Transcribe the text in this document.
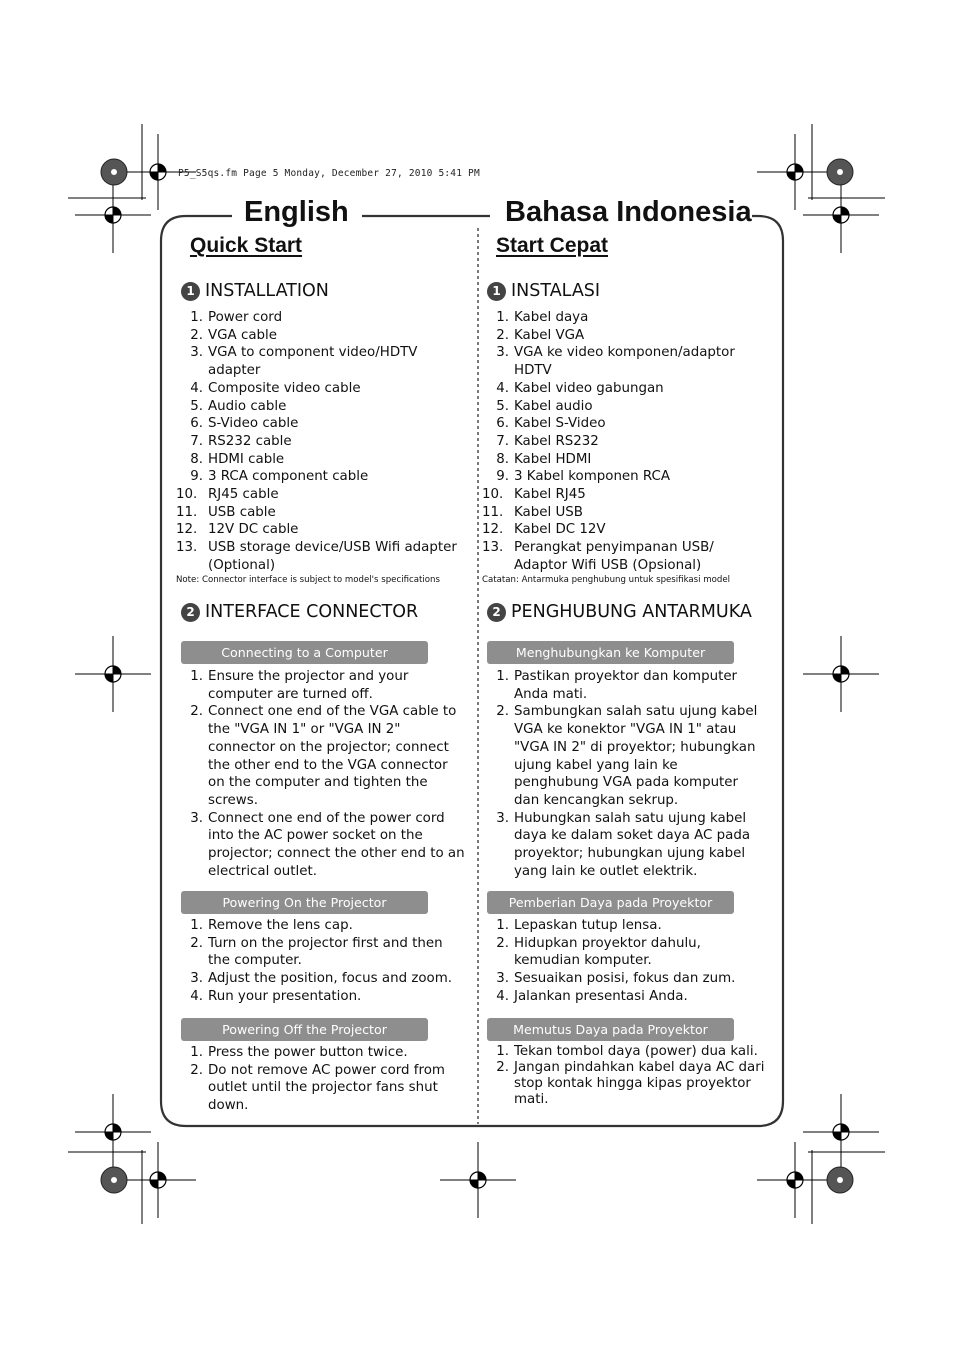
P5_S5qs.fm Page 5 Monday, December 27, 2010 5:41 PM
English
Quick Start
1 INSTALLATION
1. Power cord
2. VGA cable
3. VGA to component video/HDTV adapter
4. Composite video cable
5. Audio cable
6. S-Video cable
7. RS232 cable
8. HDMI cable
9. 3 RCA component cable
10. RJ45 cable
11. USB cable
12. 12V DC cable
13. USB storage device/USB Wifi adapter (Optional)
Note: Connector interface is subject to model's specifications
2 INTERFACE CONNECTOR
Connecting to a Computer
1. Ensure the projector and your computer are turned off.
2. Connect one end of the VGA cable to the "VGA IN 1" or "VGA IN 2" connector on the projector; connect the other end to the VGA connector on the computer and tighten the screws.
3. Connect one end of the power cord into the AC power socket on the projector; connect the other end to an electrical outlet.
Powering On the Projector
1. Remove the lens cap.
2. Turn on the projector first and then the computer.
3. Adjust the position, focus and zoom.
4. Run your presentation.
Powering Off the Projector
1. Press the power button twice.
2. Do not remove AC power cord from outlet until the projector fans shut down.
Bahasa Indonesia
Start Cepat
1 INSTALASI
1. Kabel daya
2. Kabel VGA
3. VGA ke video komponen/adaptor HDTV
4. Kabel video gabungan
5. Kabel audio
6. Kabel S-Video
7. Kabel RS232
8. Kabel HDMI
9. 3 Kabel komponen RCA
10. Kabel RJ45
11. Kabel USB
12. Kabel DC 12V
13. Perangkat penyimpanan USB/ Adaptor Wifi USB (Opsional)
Catatan: Antarmuka penghubung untuk spesifikasi model
2 PENGHUBUNG ANTARMUKA
Menghubungkan ke Komputer
1. Pastikan proyektor dan komputer Anda mati.
2. Sambungkan salah satu ujung kabel VGA ke konektor "VGA IN 1" atau "VGA IN 2" di proyektor; hubungkan ujung kabel yang lain ke penghubung VGA pada komputer dan kencangkan sekrup.
3. Hubungkan salah satu ujung kabel daya ke dalam soket daya AC pada proyektor; hubungkan ujung kabel yang lain ke outlet elektrik.
Pemberian Daya pada Proyektor
1. Lepaskan tutup lensa.
2. Hidupkan proyektor dahulu, kemudian komputer.
3. Sesuaikan posisi, fokus dan zum.
4. Jalankan presentasi Anda.
Memutus Daya pada Proyektor
1. Tekan tombol daya (power) dua kali.
2. Jangan pindahkan kabel daya AC dari stop kontak hingga kipas proyektor mati.
